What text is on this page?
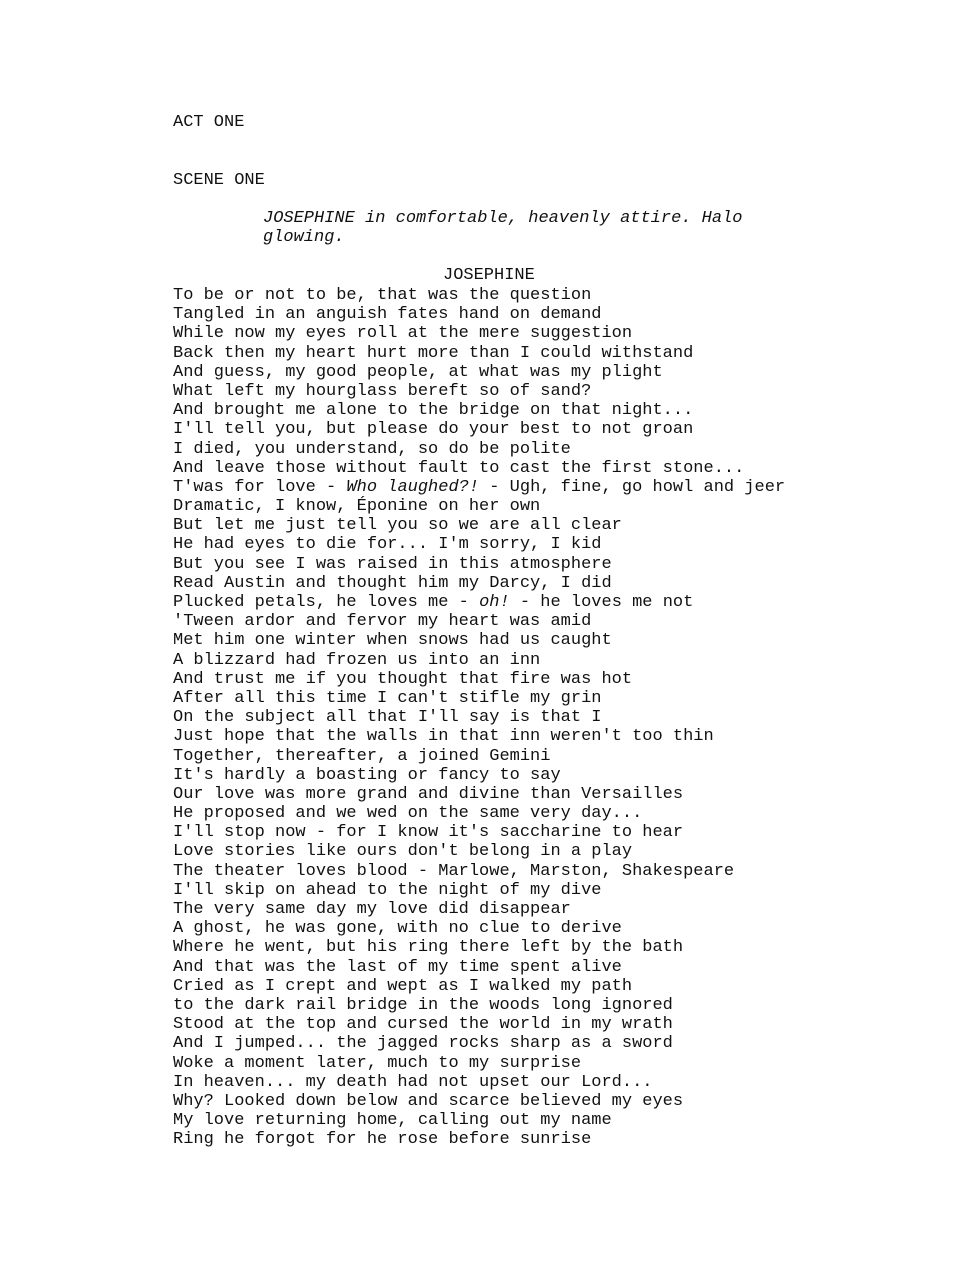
ACT ONE
SCENE ONE
JOSEPHINE in comfortable, heavenly attire. Halo glowing.
JOSEPHINE
To be or not to be, that was the question
Tangled in an anguish fates hand on demand
While now my eyes roll at the mere suggestion
Back then my heart hurt more than I could withstand
And guess, my good people, at what was my plight
What left my hourglass bereft so of sand?
And brought me alone to the bridge on that night...
I'll tell you, but please do your best to not groan
I died, you understand, so do be polite
And leave those without fault to cast the first stone...
T'was for love - Who laughed?! - Ugh, fine, go howl and jeer
Dramatic, I know, Éponine on her own
But let me just tell you so we are all clear
He had eyes to die for... I'm sorry, I kid
But you see I was raised in this atmosphere
Read Austin and thought him my Darcy, I did
Plucked petals, he loves me - oh! - he loves me not
'Tween ardor and fervor my heart was amid
Met him one winter when snows had us caught
A blizzard had frozen us into an inn
And trust me if you thought that fire was hot
After all this time I can't stifle my grin
On the subject all that I'll say is that I
Just hope that the walls in that inn weren't too thin
Together, thereafter, a joined Gemini
It's hardly a boasting or fancy to say
Our love was more grand and divine than Versailles
He proposed and we wed on the same very day...
I'll stop now - for I know it's saccharine to hear
Love stories like ours don't belong in a play
The theater loves blood - Marlowe, Marston, Shakespeare
I'll skip on ahead to the night of my dive
The very same day my love did disappear
A ghost, he was gone, with no clue to derive
Where he went, but his ring there left by the bath
And that was the last of my time spent alive
Cried as I crept and wept as I walked my path
to the dark rail bridge in the woods long ignored
Stood at the top and cursed the world in my wrath
And I jumped... the jagged rocks sharp as a sword
Woke a moment later, much to my surprise
In heaven... my death had not upset our Lord...
Why? Looked down below and scarce believed my eyes
My love returning home, calling out my name
Ring he forgot for he rose before sunrise
